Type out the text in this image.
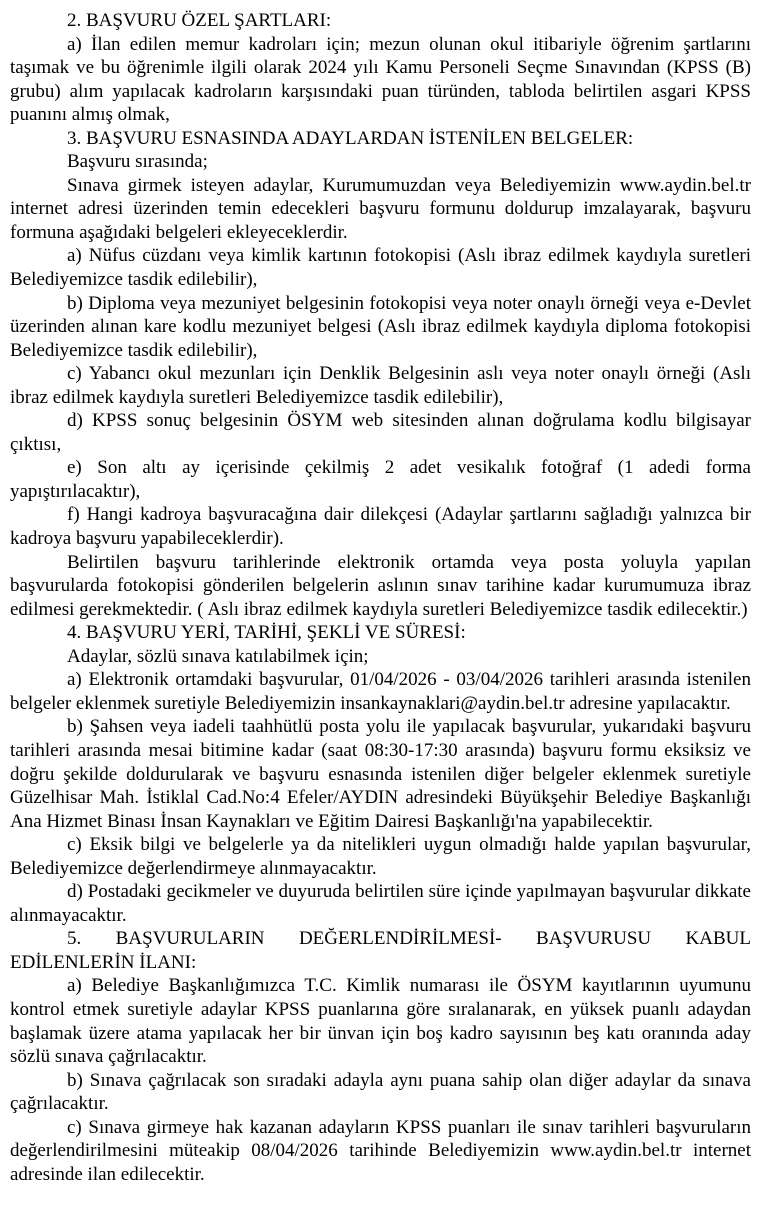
2. BAŞVURU ÖZEL ŞARTLARI:

a) İlan edilen memur kadroları için; mezun olunan okul itibariyle öğrenim şartlarını taşımak ve bu öğrenimle ilgili olarak 2024 yılı Kamu Personeli Seçme Sınavından (KPSS (B) grubu) alım yapılacak kadroların karşısındaki puan türünden, tabloda belirtilen asgari KPSS puanını almış olmak,

3. BAŞVURU ESNASINDA ADAYLARDAN İSTENİLEN BELGELER:

Başvuru sırasında;

Sınava girmek isteyen adaylar, Kurumumuzdan veya Belediyemizin www.aydin.bel.tr internet adresi üzerinden temin edecekleri başvuru formunu doldurup imzalayarak, başvuru formuna aşağıdaki belgeleri ekleyeceklerdir.

a) Nüfus cüzdanı veya kimlik kartının fotokopisi (Aslı ibraz edilmek kaydıyla suretleri Belediyemizce tasdik edilebilir),

b) Diploma veya mezuniyet belgesinin fotokopisi veya noter onaylı örneği veya e-Devlet üzerinden alınan kare kodlu mezuniyet belgesi (Aslı ibraz edilmek kaydıyla diploma fotokopisi Belediyemizce tasdik edilebilir),

c) Yabancı okul mezunları için Denklik Belgesinin aslı veya noter onaylı örneği (Aslı ibraz edilmek kaydıyla suretleri Belediyemizce tasdik edilebilir),

d) KPSS sonuç belgesinin ÖSYM web sitesinden alınan doğrulama kodlu bilgisayar çıktısı,

e) Son altı ay içerisinde çekilmiş 2 adet vesikalık fotoğraf (1 adedi forma yapıştırılacaktır),

f) Hangi kadroya başvuracağına dair dilekçesi (Adaylar şartlarını sağladığı yalnızca bir kadroya başvuru yapabileceklerdir).

Belirtilen başvuru tarihlerinde elektronik ortamda veya posta yoluyla yapılan başvurularda fotokopisi gönderilen belgelerin aslının sınav tarihine kadar kurumumuza ibraz edilmesi gerekmektedir. ( Aslı ibraz edilmek kaydıyla suretleri Belediyemizce tasdik edilecektir.)

4. BAŞVURU YERİ, TARİHİ, ŞEKLİ VE SÜRESİ:

Adaylar, sözlü sınava katılabilmek için;

a) Elektronik ortamdaki başvurular, 01/04/2026 - 03/04/2026 tarihleri arasında istenilen belgeler eklenmek suretiyle Belediyemizin insankaynaklari@aydin.bel.tr adresine yapılacaktır.

b) Şahsen veya iadeli taahhütlü posta yolu ile yapılacak başvurular, yukarıdaki başvuru tarihleri arasında mesai bitimine kadar (saat 08:30-17:30 arasında) başvuru formu eksiksiz ve doğru şekilde doldurularak ve başvuru esnasında istenilen diğer belgeler eklenmek suretiyle Güzelhisar Mah. İstiklal Cad.No:4 Efeler/AYDIN adresindeki Büyükşehir Belediye Başkanlığı Ana Hizmet Binası İnsan Kaynakları ve Eğitim Dairesi Başkanlığı'na yapabilecektir.

c) Eksik bilgi ve belgelerle ya da nitelikleri uygun olmadığı halde yapılan başvurular, Belediyemizce değerlendirmeye alınmayacaktır.

d) Postadaki gecikmeler ve duyuruda belirtilen süre içinde yapılmayan başvurular dikkate alınmayacaktır.

5. BAŞVURULARIN DEĞERLENDİRİLMESİ- BAŞVURUSU KABUL EDİLENLERİN İLANI:

a) Belediye Başkanlığımızca T.C. Kimlik numarası ile ÖSYM kayıtlarının uyumunu kontrol etmek suretiyle adaylar KPSS puanlarına göre sıralanarak, en yüksek puanlı adaydan başlamak üzere atama yapılacak her bir ünvan için boş kadro sayısının beş katı oranında aday sözlü sınava çağrılacaktır.

b) Sınava çağrılacak son sıradaki adayla aynı puana sahip olan diğer adaylar da sınava çağrılacaktır.

c) Sınava girmeye hak kazanan adayların KPSS puanları ile sınav tarihleri başvuruların değerlendirilmesini müteakip 08/04/2026 tarihinde Belediyemizin www.aydin.bel.tr internet adresinde ilan edilecektir.
